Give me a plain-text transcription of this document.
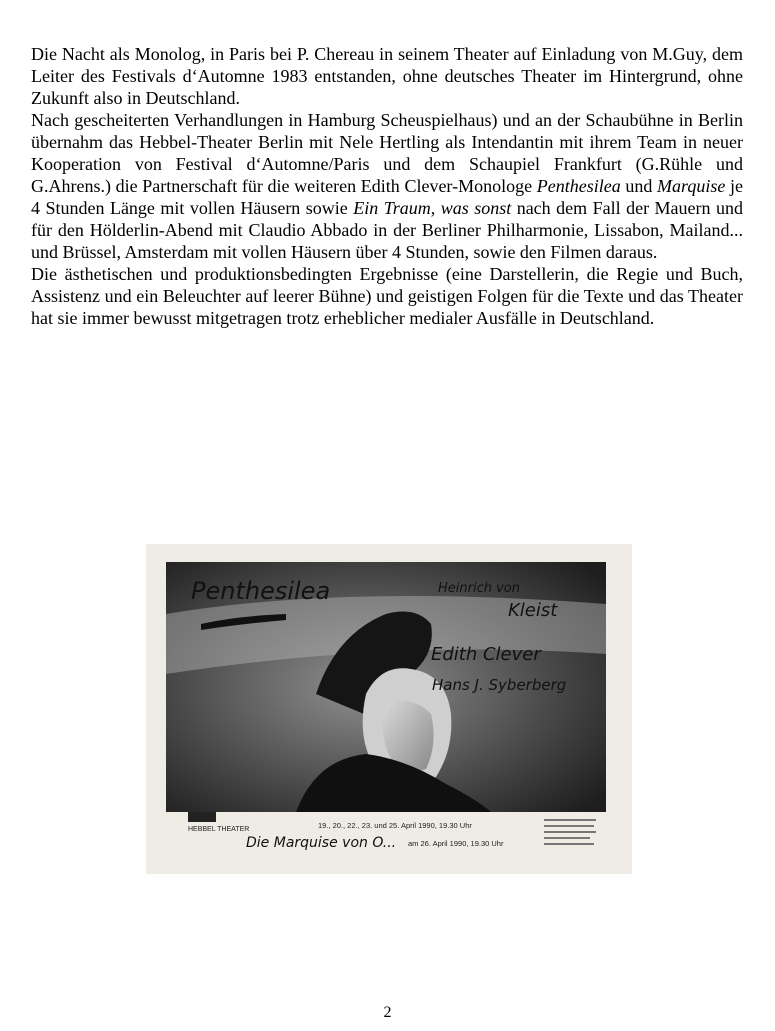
Die Nacht als Monolog, in Paris bei P. Chereau in seinem Theater auf Einladung von M.Guy, dem Leiter des Festivals d‘Automne 1983 entstanden, ohne deutsches Theater im Hintergrund, ohne Zukunft also in Deutschland.

Nach gescheiterten Verhandlungen in Hamburg Scheuspielhaus) und an der Schaubühne in Berlin übernahm das Hebbel-Theater Berlin mit Nele Hertling als Intendantin mit ihrem Team in neuer Kooperation von Festival d‘Automne/Paris und dem Schaupiel Frankfurt (G.Rühle und G.Ahrens.) die Partnerschaft für die weiteren Edith Clever-Monologe Penthesilea und Marquise je 4 Stunden Länge mit vollen Häusern sowie Ein Traum, was sonst nach dem Fall der Mauern und für den Hölderlin-Abend mit Claudio Abbado in der Berliner Philharmonie, Lissabon, Mailand... und Brüssel, Amsterdam mit vollen Häusern über 4 Stunden, sowie den Filmen daraus.

Die ästhetischen und produktionsbedingten Ergebnisse (eine Darstellerin, die Regie und Buch, Assistenz und ein Beleuchter auf leerer Bühne) und geistigen Folgen für die Texte und das Theater hat sie immer bewusst mitgetragen trotz erheblicher medialer Ausfälle in Deutschland.

HEBBEL THEATER
Penthesilea	Heinrich von
Kleist
Edith Clever
Hans J. Syberberg
19., 20., 22., 23. und 25. April 1990, 19.30 Uhr
Die Marquise von O... am 26. April 1990, 19.30 Uhr
2
